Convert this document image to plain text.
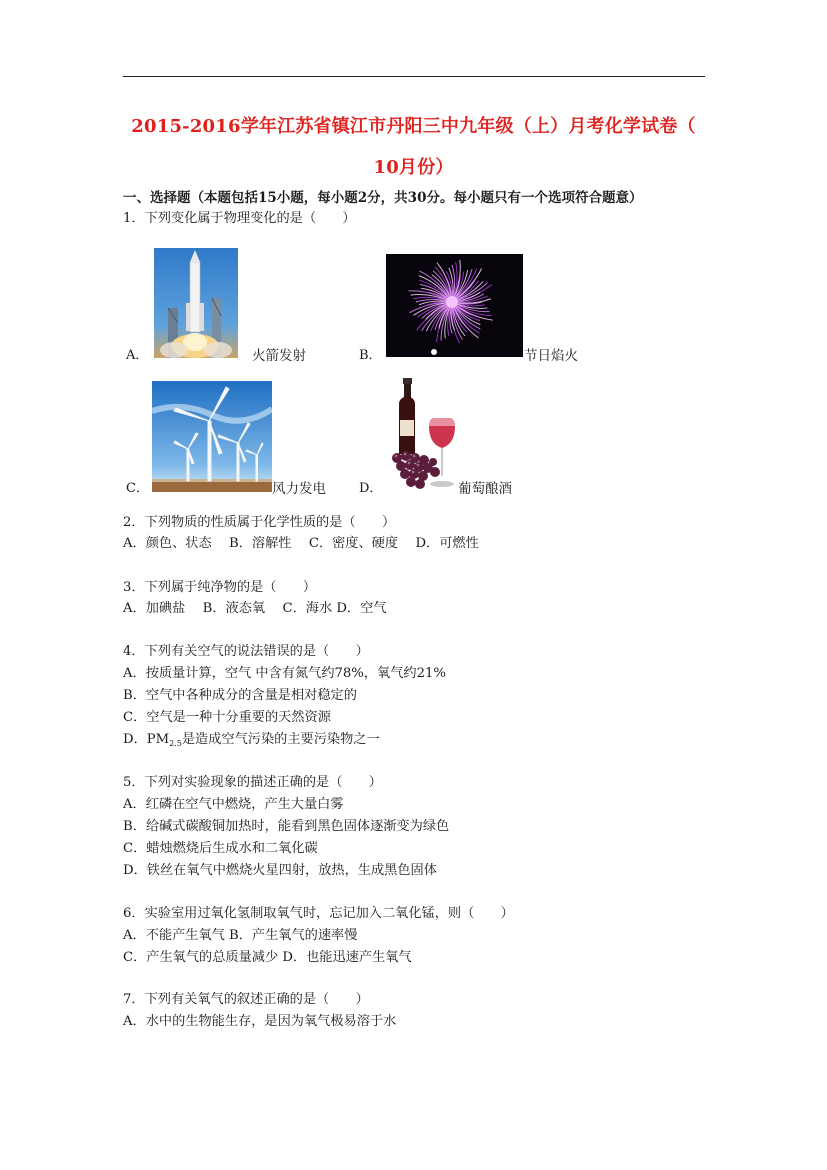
2015-2016学年江苏省镇江市丹阳三中九年级（上）月考化学试卷（
10月份）
一、选择题（本题包括15小题，每小题2分，共30分。每小题只有一个选项符合题意）
1．下列变化属于物理变化的是（　　）
A．	火箭发射	B．	节日焰火
C．	风力发电	D．	葡萄酿酒
2．下列物质的性质属于化学性质的是（　　）
A．颜色、状态　 B．溶解性　 C．密度、硬度　 D．可燃性
3．下列属于纯净物的是（　　）
A．加碘盐　 B．液态氧　 C．海水 D．空气
4．下列有关空气的说法错误的是（　　）
A．按质量计算，空气 中含有氮气约78%，氧气约21%
B．空气中各种成分的含量是相对稳定的
C．空气是一种十分重要的天然资源
D．$PM_{2.5}$是造成空气污染的主要污染物之一
5．下列对实验现象的描述正确的是（　　）
A．红磷在空气中燃烧，产生大量白雾
B．给碱式碳酸铜加热时，能看到黑色固体逐渐变为绿色
C．蜡烛燃烧后生成水和二氧化碳
D．铁丝在氧气中燃烧火星四射，放热，生成黑色固体
6．实验室用过氧化氢制取氧气时，忘记加入二氧化锰，则（　　）
A．不能产生氧气 B．产生氧气的速率慢
C．产生氧气的总质量减少 D．也能迅速产生氧气
7．下列有关氧气的叙述正确的是（　　）
A．水中的生物能生存，是因为氧气极易溶于水
